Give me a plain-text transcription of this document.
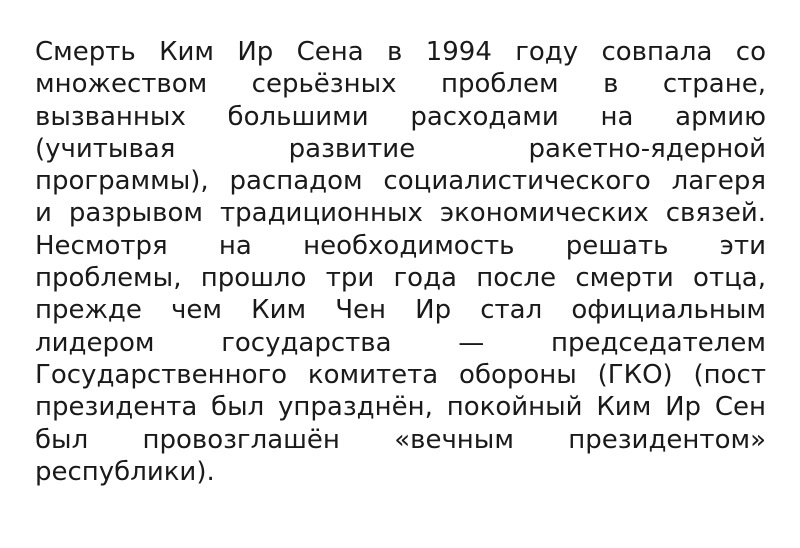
Смерть Ким Ир Сена в 1994 году совпала со
множеством серьёзных проблем в стране,
вызванных большими расходами на армию
(учитывая развитие ракетно-ядерной
программы), распадом социалистического лагеря
и разрывом традиционных экономических связей.
Несмотря на необходимость решать эти
проблемы, прошло три года после смерти отца,
прежде чем Ким Чен Ир стал официальным
лидером государства — председателем
Государственного комитета обороны (ГКО) (пост
президента был упразднён, покойный Ким Ир Сен
был провозглашён «вечным президентом»
республики).
